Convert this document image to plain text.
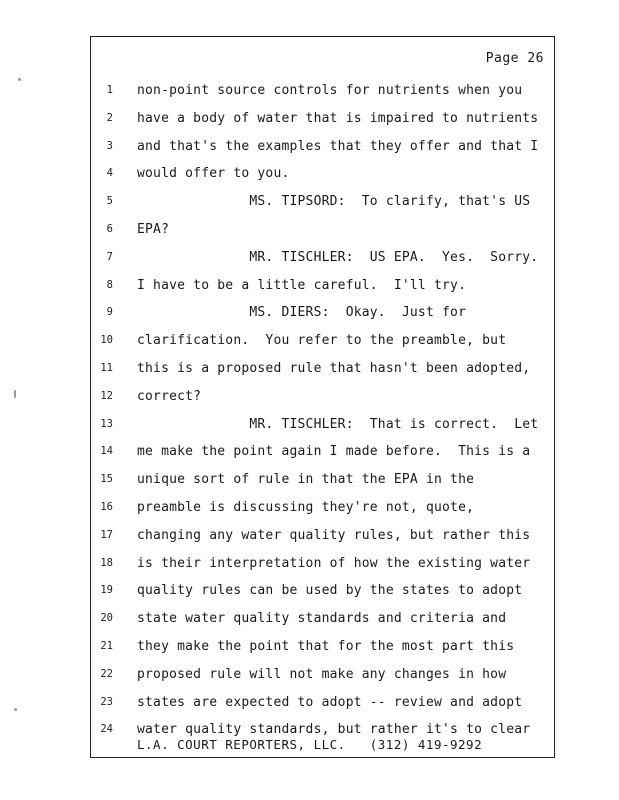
Page 26
1 non-point source controls for nutrients when you
2 have a body of water that is impaired to nutrients
3 and that's the examples that they offer and that I
4 would offer to you.
5 MS. TIPSORD:  To clarify, that's US
6 EPA?
7 MR. TISCHLER:  US EPA.  Yes.  Sorry.
8 I have to be a little careful.  I'll try.
9 MS. DIERS:  Okay.  Just for
10 clarification.  You refer to the preamble, but
11 this is a proposed rule that hasn't been adopted,
12 correct?
13 MR. TISCHLER:  That is correct.  Let
14 me make the point again I made before.  This is a
15 unique sort of rule in that the EPA in the
16 preamble is discussing they're not, quote,
17 changing any water quality rules, but rather this
18 is their interpretation of how the existing water
19 quality rules can be used by the states to adopt
20 state water quality standards and criteria and
21 they make the point that for the most part this
22 proposed rule will not make any changes in how
23 states are expected to adopt -- review and adopt
24 water quality standards, but rather it's to clear
L.A. COURT REPORTERS, LLC.   (312) 419-9292
